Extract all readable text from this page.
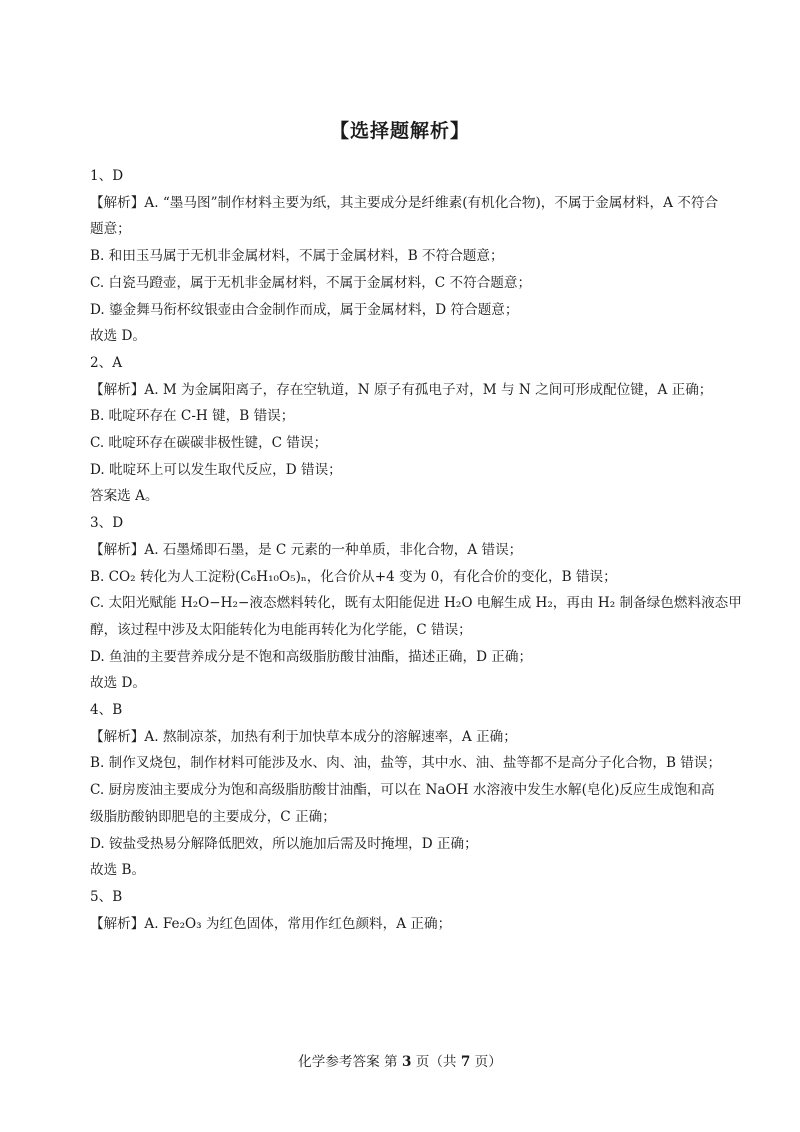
【选择题解析】
1、D
【解析】A. “墨马图”制作材料主要为纸，其主要成分是纤维素(有机化合物)，不属于金属材料，A 不符合
题意；
B. 和田玉马属于无机非金属材料，不属于金属材料，B 不符合题意；
C. 白瓷马蹬壶，属于无机非金属材料，不属于金属材料，C 不符合题意；
D. 鎏金舞马衔杯纹银壶由合金制作而成，属于金属材料，D 符合题意；
故选 D。
2、A
【解析】A. M 为金属阳离子，存在空轨道，N 原子有孤电子对，M 与 N 之间可形成配位键，A 正确；
B. 吡啶环存在 C-H 键，B 错误；
C. 吡啶环存在碳碳非极性键，C 错误；
D. 吡啶环上可以发生取代反应，D 错误；
答案选 A。
3、D
【解析】A. 石墨烯即石墨，是 C 元素的一种单质，非化合物，A 错误；
B. CO₂ 转化为人工淀粉(C₆H₁₀O₅)ₙ，化合价从+4 变为 0，有化合价的变化，B 错误；
C. 太阳光赋能 H₂O−H₂−液态燃料转化，既有太阳能促进 H₂O 电解生成 H₂，再由 H₂ 制备绿色燃料液态甲
醇，该过程中涉及太阳能转化为电能再转化为化学能，C 错误；
D. 鱼油的主要营养成分是不饱和高级脂肪酸甘油酯，描述正确，D 正确；
故选 D。
4、B
【解析】A. 熬制凉茶，加热有利于加快草本成分的溶解速率，A 正确；
B. 制作叉烧包，制作材料可能涉及水、肉、油，盐等，其中水、油、盐等都不是高分子化合物，B 错误；
C. 厨房废油主要成分为饱和高级脂肪酸甘油酯，可以在 NaOH 水溶液中发生水解(皂化)反应生成饱和高
级脂肪酸钠即肥皂的主要成分，C 正确；
D. 铵盐受热易分解降低肥效，所以施加后需及时掩埋，D 正确；
故选 B。
5、B
【解析】A. Fe₂O₃ 为红色固体，常用作红色颜料，A 正确；
化学参考答案 第 3 页（共 7 页）
